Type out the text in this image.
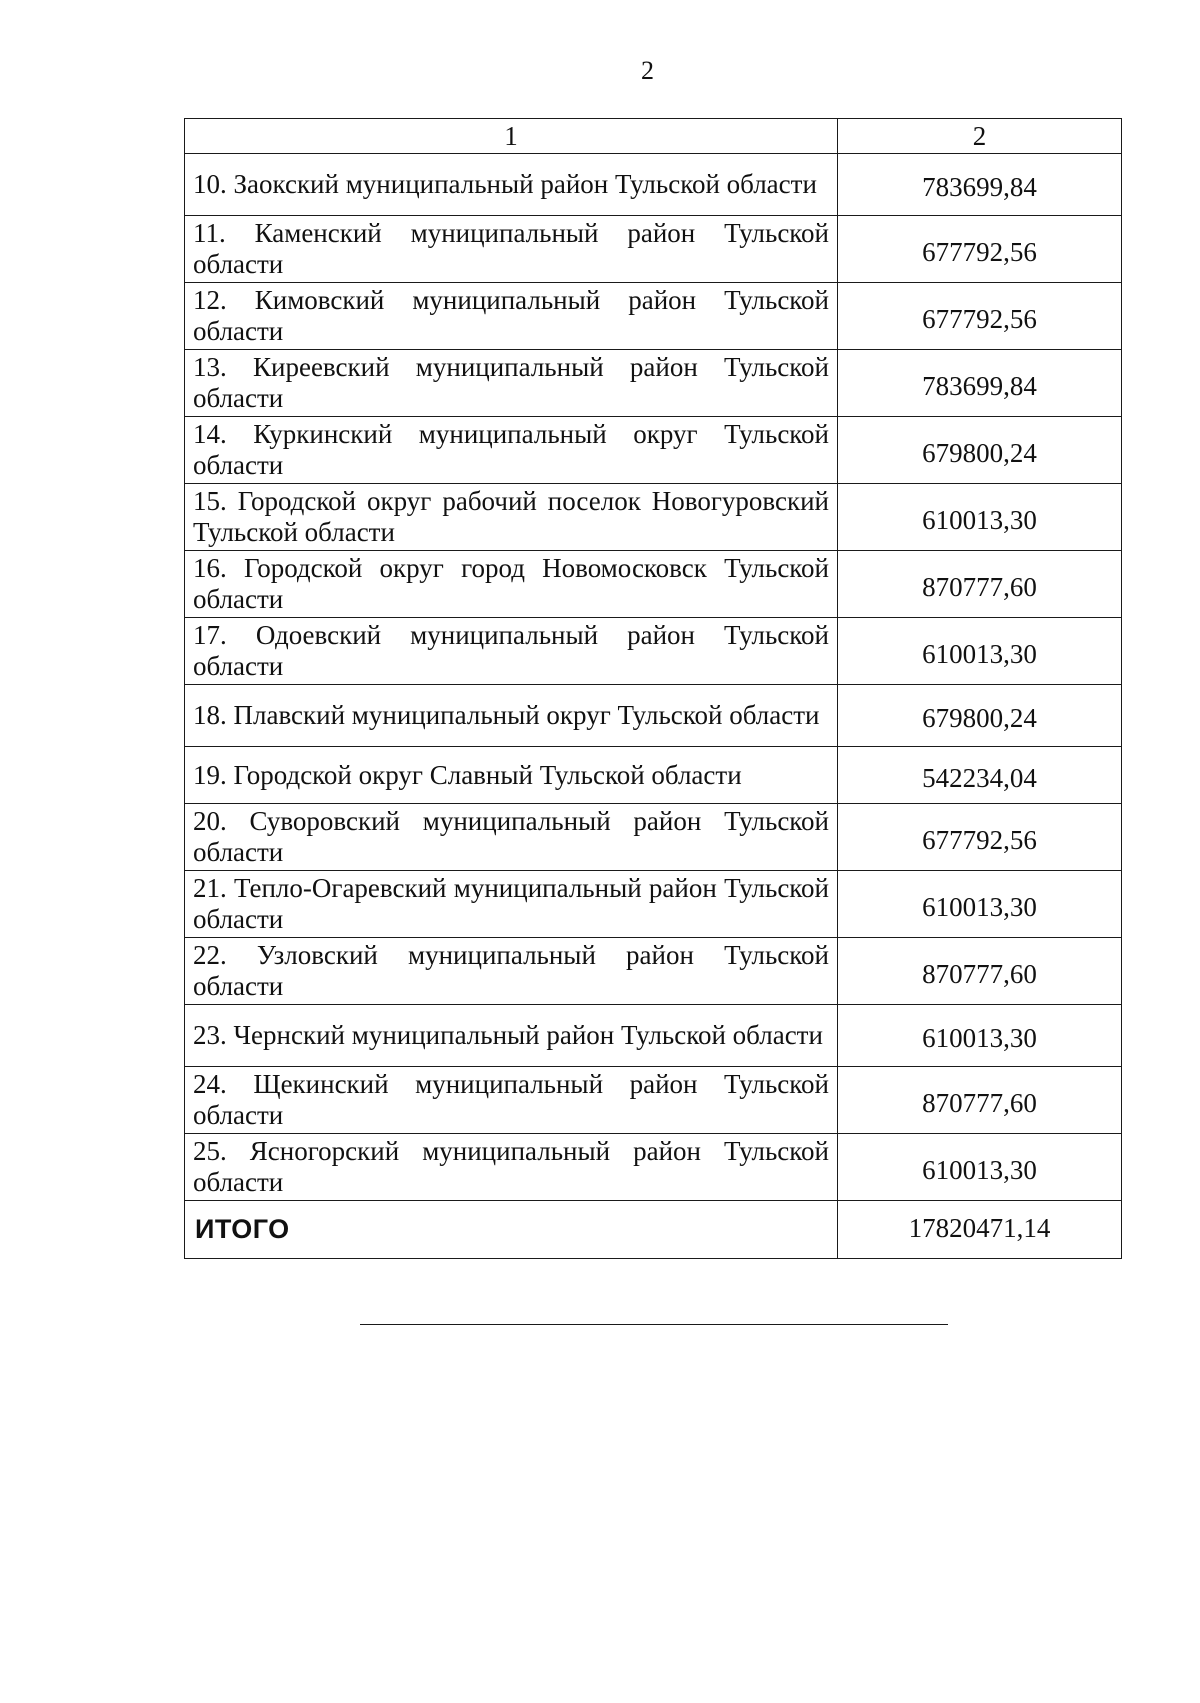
2
1	2
10. Заокский муниципальный район Тульской области	783699,84
11. Каменский муниципальный район Тульской области	677792,56
12. Кимовский муниципальный район Тульской области	677792,56
13. Киреевский муниципальный район Тульской области	783699,84
14. Куркинский муниципальный округ Тульской области	679800,24
15. Городской округ рабочий поселок Новогуровский Тульской области	610013,30
16. Городской округ город Новомосковск Тульской области	870777,60
17. Одоевский муниципальный район Тульской области	610013,30
18. Плавский муниципальный округ Тульской области	679800,24
19. Городской округ Славный Тульской области	542234,04
20. Суворовский муниципальный район Тульской области	677792,56
21. Тепло-Огаревский муниципальный район Тульской области	610013,30
22. Узловский муниципальный район Тульской области	870777,60
23. Чернский муниципальный район Тульской области	610013,30
24. Щекинский муниципальный район Тульской области	870777,60
25. Ясногорский муниципальный район Тульской области	610013,30
ИТОГО	17820471,14
